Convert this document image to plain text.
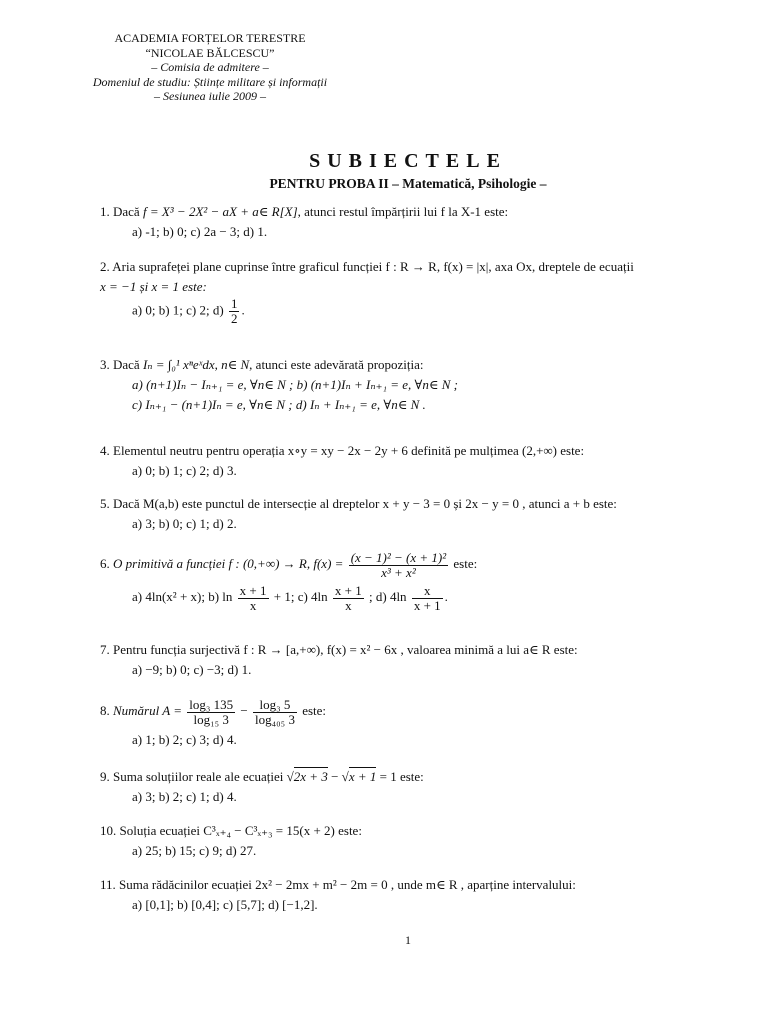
ACADEMIA FORȚELOR TERESTRE
“NICOLAE BĂLCESCU”
– Comisia de admitere –
Domeniul de studiu: Științe militare și informații
– Sesiunea iulie 2009 –
SUBIECTELE
PENTRU PROBA II – Matematică, Psihologie –
1. Dacă f = X³ − 2X² − aX + a∈ R[X], atunci restul împărțirii lui f la X-1 este:
a) -1; b) 0; c) 2a − 3; d) 1.
2. Aria suprafeței plane cuprinse între graficul funcției f : R → R, f(x) = |x|, axa Ox, dreptele de ecuații
x = −1 și x = 1 este:
a) 0; b) 1; c) 2; $d) \frac{1}{2}$ .
3. Dacă Iₙ = ∫₀¹ xⁿeˣdx, n∈ N, atunci este adevărată propoziția:
a) (n+1)Iₙ − Iₙ₊₁ = e, ∀n∈ N ; b) (n+1)Iₙ + Iₙ₊₁ = e, ∀n∈ N ;
c) Iₙ₊₁ − (n+1)Iₙ = e, ∀n∈ N ; d) Iₙ + Iₙ₊₁ = e, ∀n∈ N .
4. Elementul neutru pentru operația x∘y = xy − 2x − 2y + 6 definită pe mulțimea (2,+∞) este:
a) 0; b) 1; c) 2; d) 3.
5. Dacă M(a,b) este punctul de intersecție al dreptelor x + y − 3 = 0 și 2x − y = 0 , atunci a + b este:
a) 3; b) 0; c) 1; d) 2.
6. O primitivă a funcției f : (0,+∞) → R, $f(x) = \frac{\text{(x − 1)² − (x + 1)²}}{\text{x³ + x²}}$ este:
a) 4ln(x² + x); b) $\ln \frac{x + 1}{x} + 1$; c) $4\ln \frac{x + 1}{x}$ ; d) $4\ln \frac{x}{x + 1}$ .
7. Pentru funcția surjectivă f : R → [a,+∞), f(x) = x² − 6x , valoarea minimă a lui a∈ R este:
a) −9; b) 0; c) −3; d) 1.
8. Numărul $A = \frac{\text{log₃ 135}}{\text{log₁₅ 3}} - \frac{\text{log₃ 5}}{\text{log₄₀₅ 3}}$ este:
a) 1; b) 2; c) 3; d) 4.
9. Suma soluțiilor reale ale ecuației √2x + 3 − √x + 1 = 1 este:
a) 3; b) 2; c) 1; d) 4.
10. Soluția ecuației C³ₓ₊₄ − C³ₓ₊₃ = 15(x + 2) este:
a) 25; b) 15; c) 9; d) 27.
11. Suma rădăcinilor ecuației 2x² − 2mx + m² − 2m = 0 , unde m∈ R , aparține intervalului:
a) [0,1]; b) [0,4]; c) [5,7]; d) [−1,2].
1
